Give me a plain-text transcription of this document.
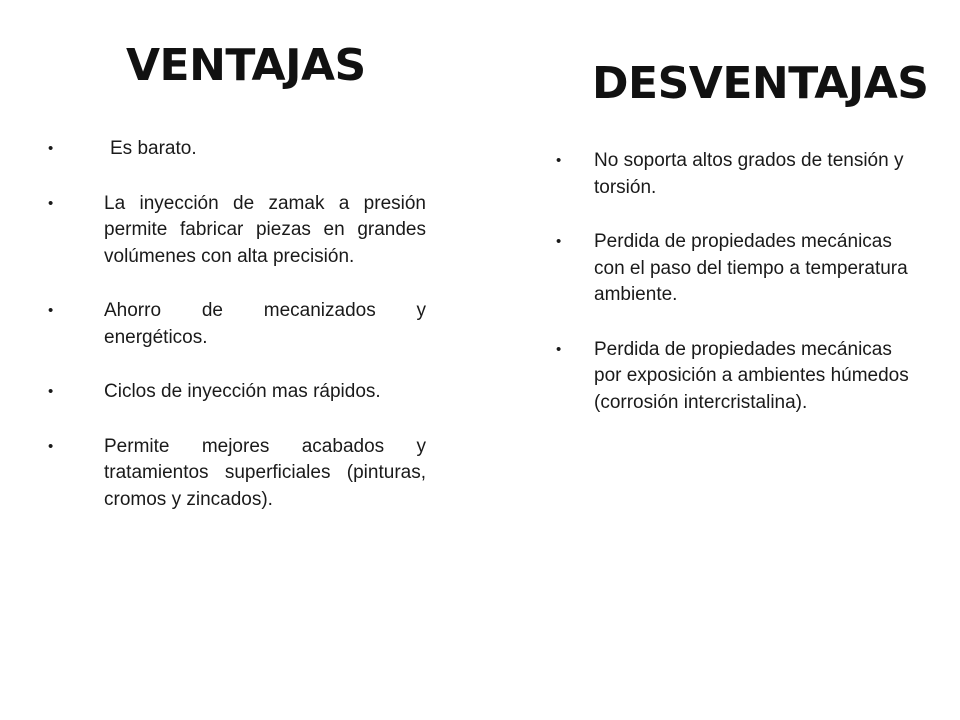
VENTAJAS	DESVENTAJAS
•	Es barato.
•	La inyección de zamak a presión permite fabricar piezas en grandes volúmenes con alta precisión.
•	Ahorro de mecanizados y energéticos.
•	Ciclos de inyección mas rápidos.
•	Permite mejores acabados y tratamientos superficiales (pinturas, cromos y zincados).
• No soporta altos grados de tensión y torsión.
• Perdida de propiedades mecánicas con el paso del tiempo a temperatura ambiente.
• Perdida de propiedades mecánicas por exposición a ambientes húmedos (corrosión intercristalina).
